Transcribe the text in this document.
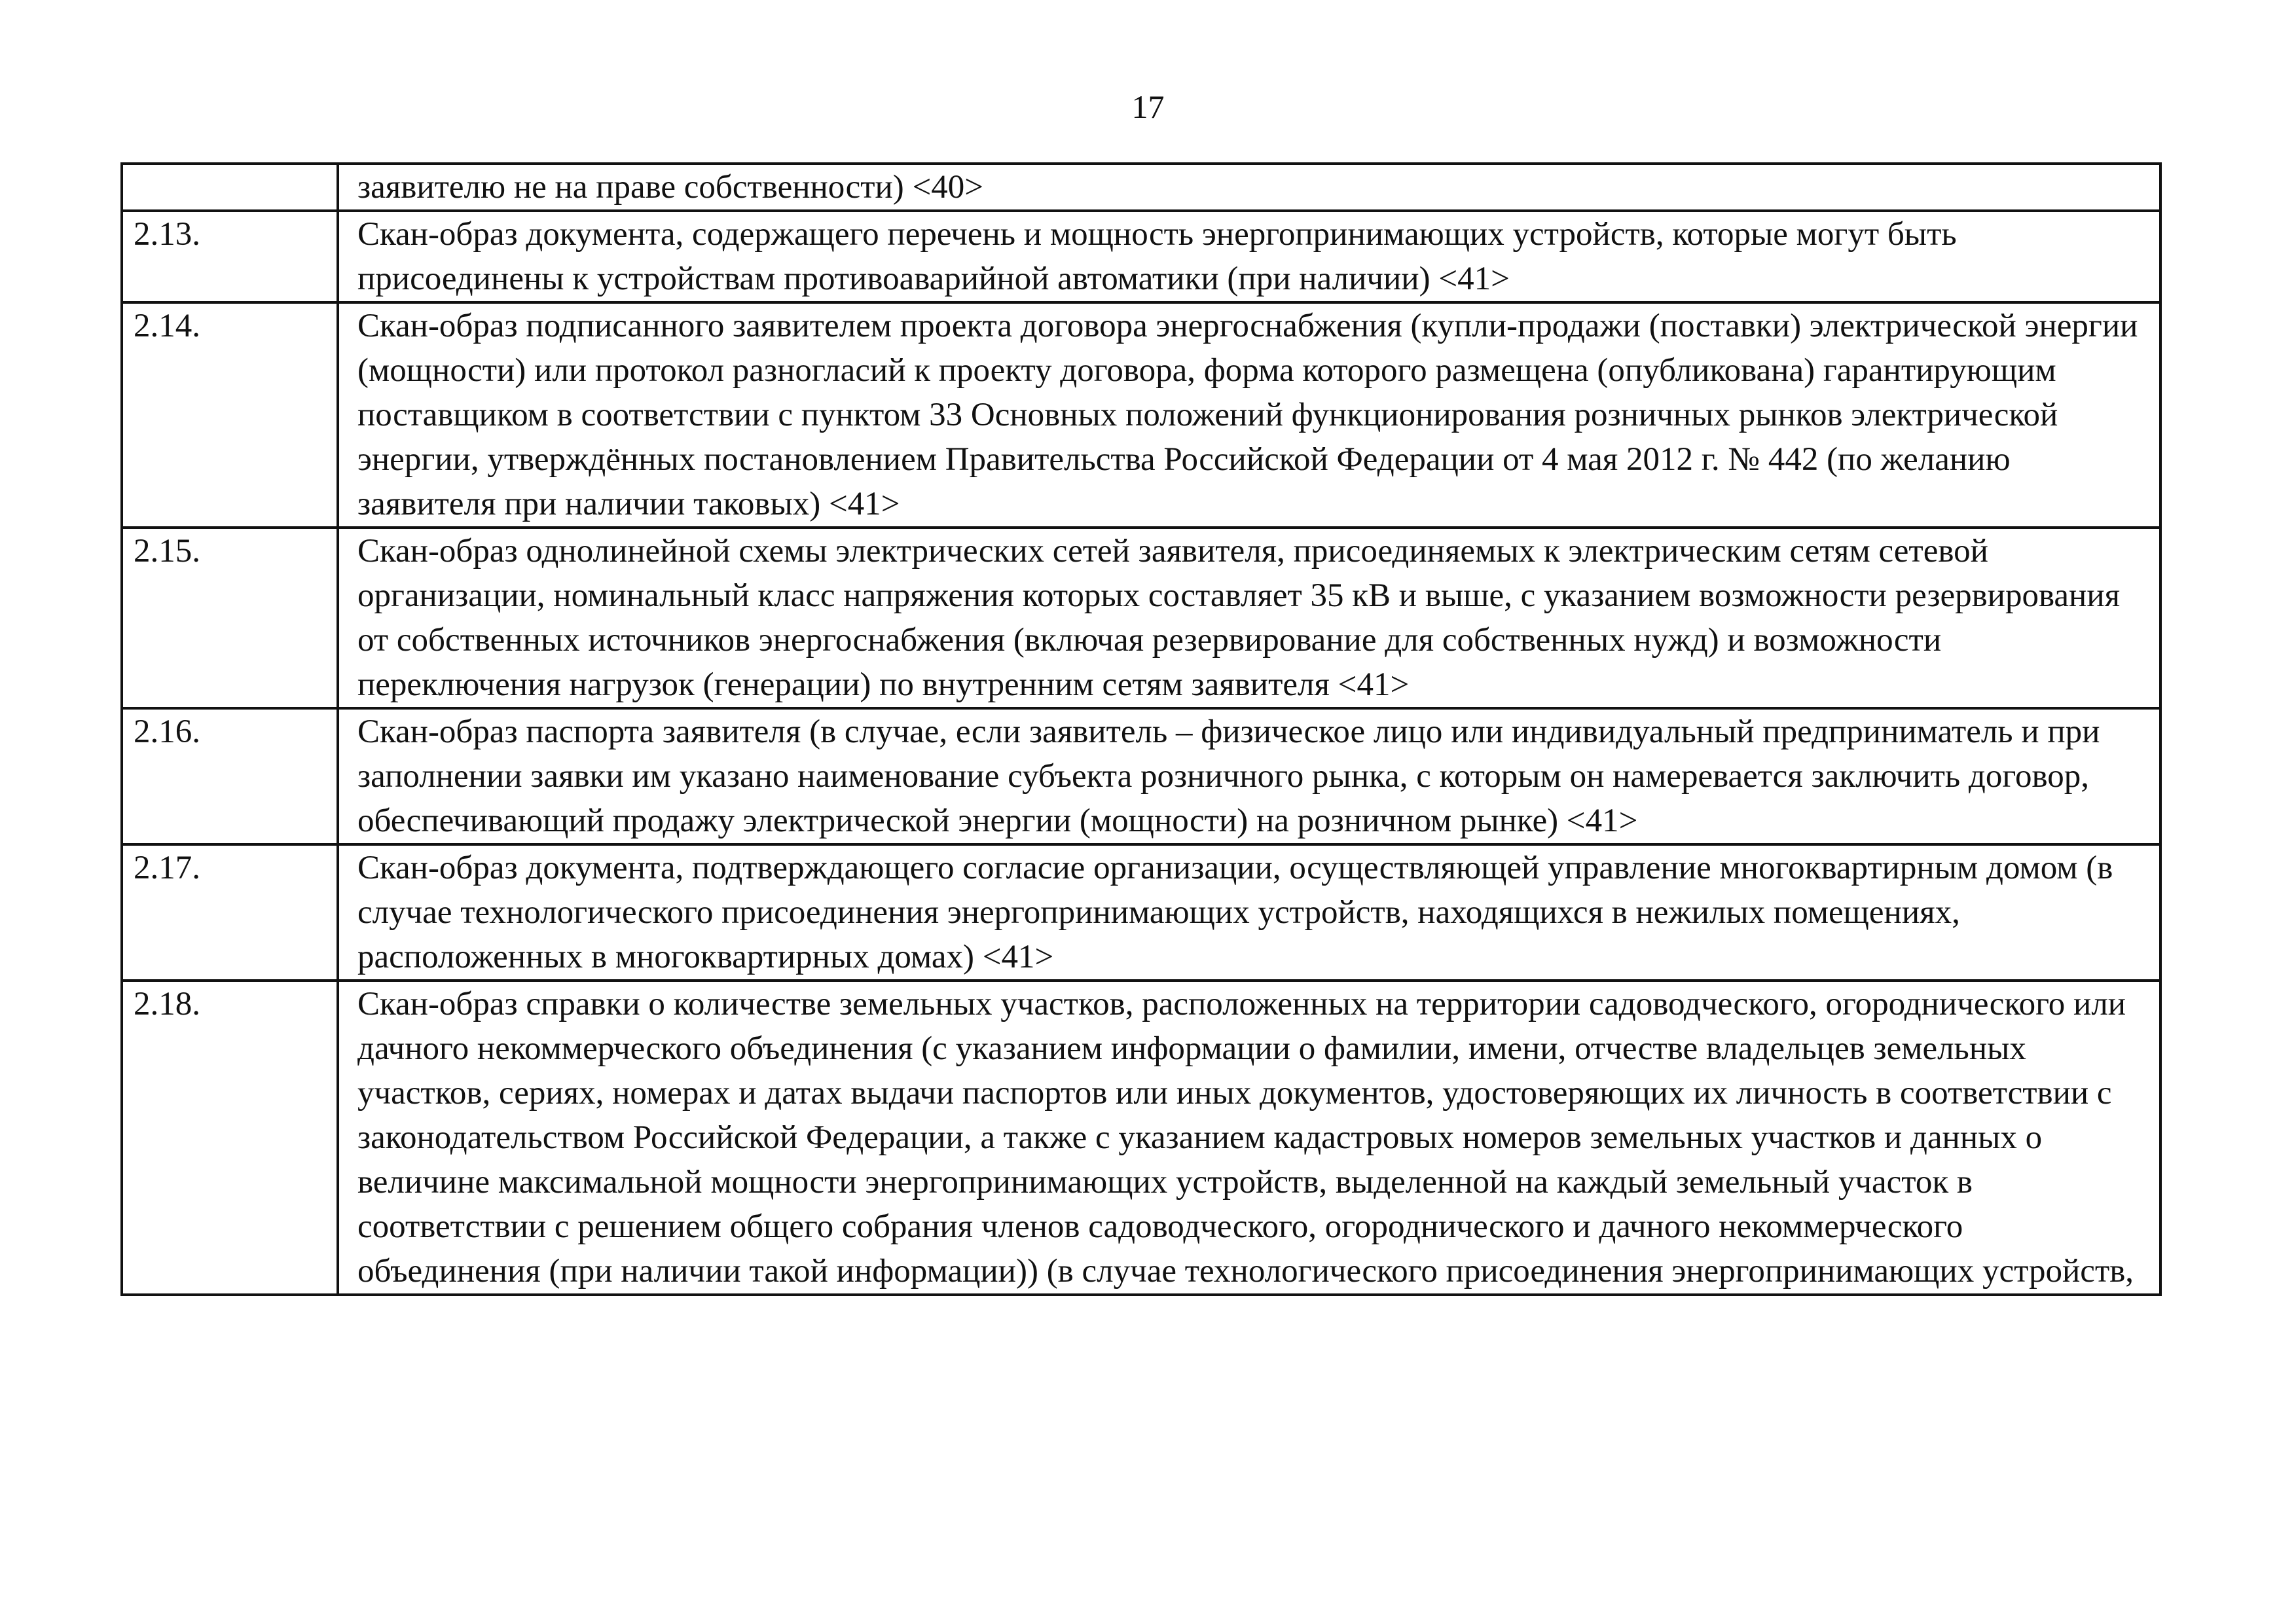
17
	заявителю не на праве собственности) <40>
2.13.	Скан-образ документа, содержащего перечень и мощность энергопринимающих устройств, которые могут быть присоединены к устройствам противоаварийной автоматики (при наличии) <41>
2.14.	Скан-образ подписанного заявителем проекта договора энергоснабжения (купли-продажи (поставки) электрической энергии (мощности) или протокол разногласий к проекту договора, форма которого размещена (опубликована) гарантирующим поставщиком в соответствии с пунктом 33 Основных положений функционирования розничных рынков электрической энергии, утверждённых постановлением Правительства Российской Федерации от 4 мая 2012 г. № 442 (по желанию заявителя при наличии таковых) <41>
2.15.	Скан-образ однолинейной схемы электрических сетей заявителя, присоединяемых к электрическим сетям сетевой организации, номинальный класс напряжения которых составляет 35 кВ и выше, с указанием возможности резервирования от собственных источников энергоснабжения (включая резервирование для собственных нужд) и возможности переключения нагрузок (генерации) по внутренним сетям заявителя <41>
2.16.	Скан-образ паспорта заявителя (в случае, если заявитель – физическое лицо или индивидуальный предприниматель и при заполнении заявки им указано наименование субъекта розничного рынка, с которым он намеревается заключить договор, обеспечивающий продажу электрической энергии (мощности) на розничном рынке) <41>
2.17.	Скан-образ документа, подтверждающего согласие организации, осуществляющей управление многоквартирным домом (в случае технологического присоединения энергопринимающих устройств, находящихся в нежилых помещениях, расположенных в многоквартирных домах) <41>
2.18.	Скан-образ справки о количестве земельных участков, расположенных на территории садоводческого, огороднического или дачного некоммерческого объединения (с указанием информации о фамилии, имени, отчестве владельцев земельных участков, сериях, номерах и датах выдачи паспортов или иных документов, удостоверяющих их личность в соответствии с законодательством Российской Федерации, а также с указанием кадастровых номеров земельных участков и данных о величине максимальной мощности энергопринимающих устройств, выделенной на каждый земельный участок в соответствии с решением общего собрания членов садоводческого, огороднического и дачного некоммерческого объединения (при наличии такой информации)) (в случае технологического присоединения энергопринимающих устройств,
